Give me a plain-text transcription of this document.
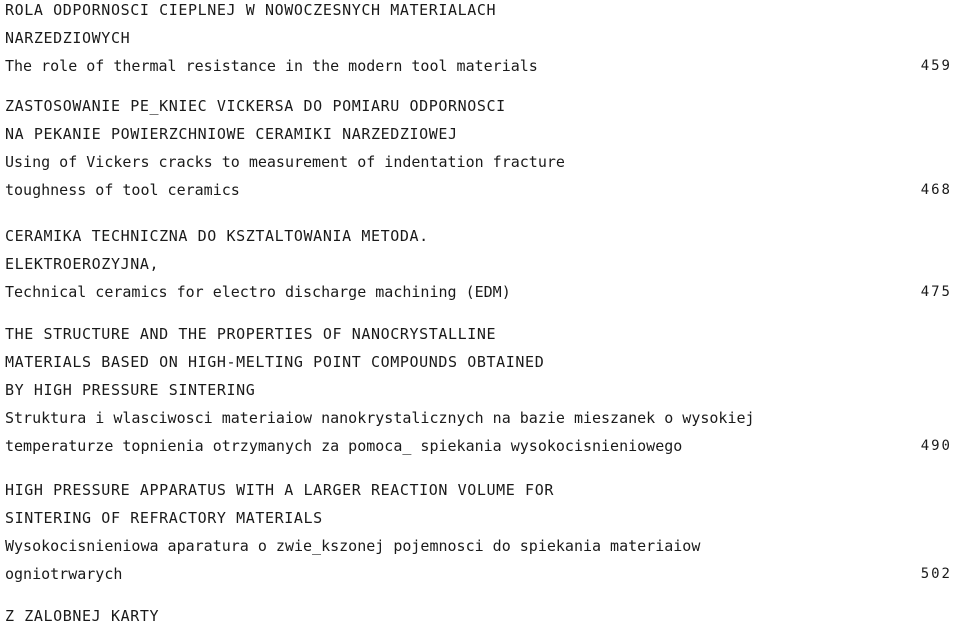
ROLA ODPORNOSCI CIEPLNEJ W NOWOCZESNYCH MATERIALACH
NARZEDZIOWYCH
The role of thermal resistance in the modern tool materials	459
ZASTOSOWANIE PE_KNIEC VICKERSA DO POMIARU ODPORNOSCI
NA PEKANIE POWIERZCHNIOWE CERAMIKI NARZEDZIOWEJ
Using of Vickers cracks to measurement of indentation fracture
toughness of tool ceramics	468
CERAMIKA TECHNICZNA DO KSZTALTOWANIA METODA.
ELEKTROEROZYJNA,
Technical ceramics for electro discharge machining (EDM)	475
THE STRUCTURE AND THE PROPERTIES OF NANOCRYSTALLINE
MATERIALS BASED ON HIGH-MELTING POINT COMPOUNDS OBTAINED
BY HIGH PRESSURE SINTERING
Struktura i wlasciwosci materiaiow nanokrystalicznych na bazie mieszanek o wysokiej
temperaturze topnienia otrzymanych za pomoca_ spiekania wysokocisnieniowego	490
HIGH PRESSURE APPARATUS WITH A LARGER REACTION VOLUME FOR
SINTERING OF REFRACTORY MATERIALS
Wysokocisnieniowa aparatura o zwie_kszonej pojemnosci do spiekania materiaiow
ogniotrwarych	502
Z ZALOBNEJ KARTY
